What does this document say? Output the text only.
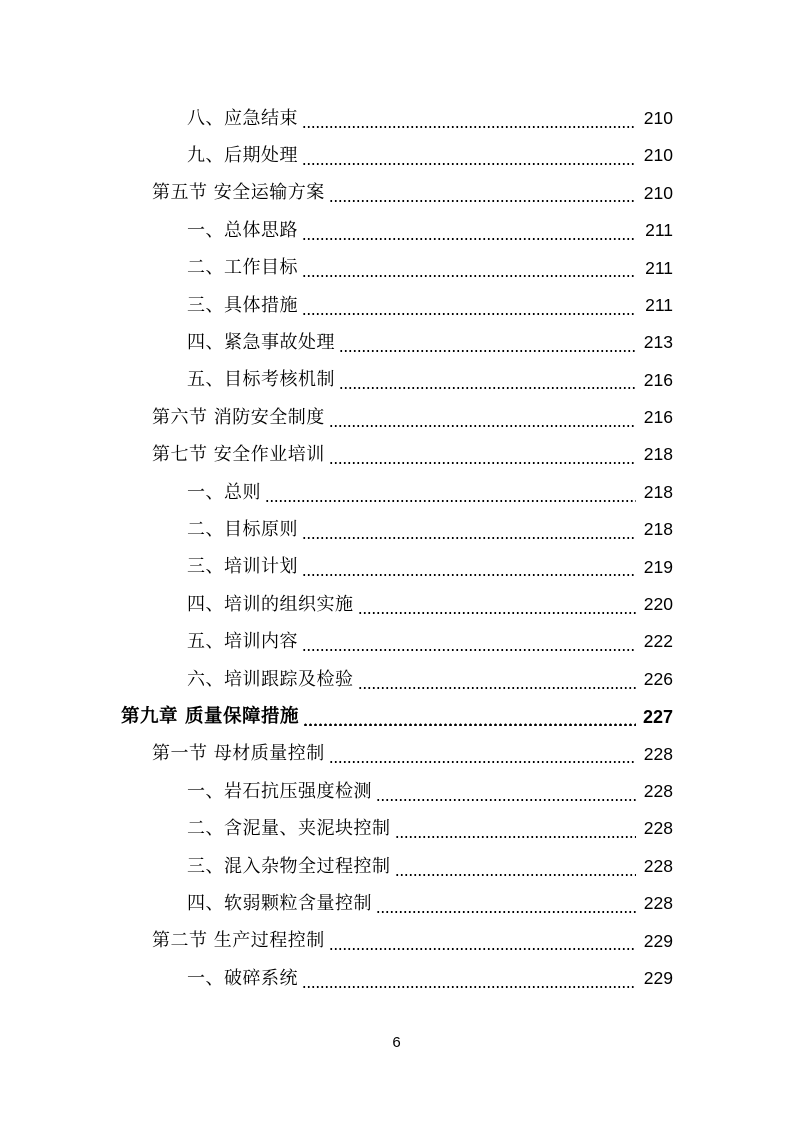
八、应急结束	210
九、后期处理	210
第五节 安全运输方案	210
一、总体思路	211
二、工作目标	211
三、具体措施	211
四、紧急事故处理	213
五、目标考核机制	216
第六节 消防安全制度	216
第七节 安全作业培训	218
一、总则	218
二、目标原则	218
三、培训计划	219
四、培训的组织实施	220
五、培训内容	222
六、培训跟踪及检验	226
第九章 质量保障措施	227
第一节 母材质量控制	228
一、岩石抗压强度检测	228
二、含泥量、夹泥块控制	228
三、混入杂物全过程控制	228
四、软弱颗粒含量控制	228
第二节 生产过程控制	229
一、破碎系统	229
6
